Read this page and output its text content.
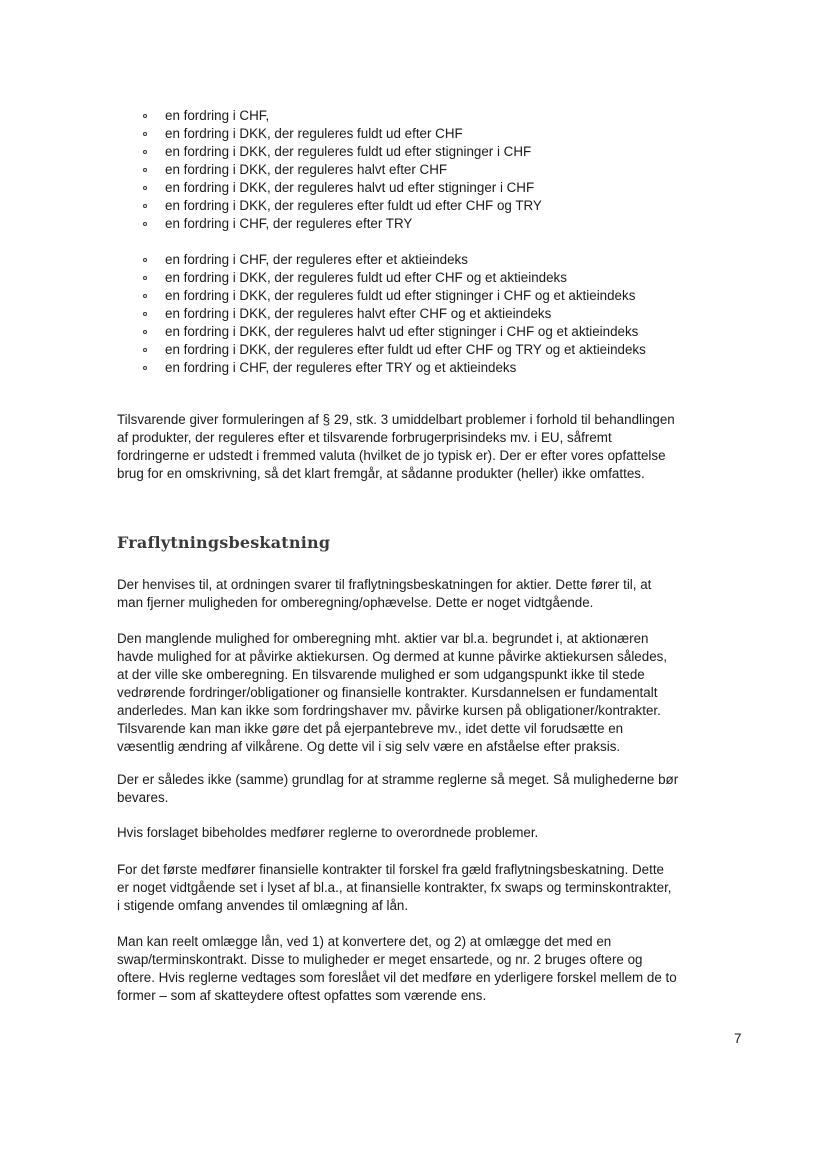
en fordring i CHF,
en fordring i DKK, der reguleres fuldt ud efter CHF
en fordring i DKK, der reguleres fuldt ud efter stigninger i CHF
en fordring i DKK, der reguleres halvt efter CHF
en fordring i DKK, der reguleres halvt ud efter stigninger i CHF
en fordring i DKK, der reguleres efter fuldt ud efter CHF og TRY
en fordring i CHF, der reguleres efter TRY
en fordring i CHF, der reguleres efter et aktieindeks
en fordring i DKK, der reguleres fuldt ud efter CHF og et aktieindeks
en fordring i DKK, der reguleres fuldt ud efter stigninger i CHF og et aktieindeks
en fordring i DKK, der reguleres halvt efter CHF og et aktieindeks
en fordring i DKK, der reguleres halvt ud efter stigninger i CHF og et aktieindeks
en fordring i DKK, der reguleres efter fuldt ud efter CHF og TRY og et aktieindeks
en fordring i CHF, der reguleres efter TRY og et aktieindeks

Tilsvarende giver formuleringen af § 29, stk. 3 umiddelbart problemer i forhold til behandlingen
af produkter, der reguleres efter et tilsvarende forbrugerprisindeks mv. i EU, såfremt
fordringerne er udstedt i fremmed valuta (hvilket de jo typisk er). Der er efter vores opfattelse
brug for en omskrivning, så det klart fremgår, at sådanne produkter (heller) ikke omfattes.

Fraflytningsbeskatning

Der henvises til, at ordningen svarer til fraflytningsbeskatningen for aktier. Dette fører til, at
man fjerner muligheden for omberegning/ophævelse. Dette er noget vidtgående.

Den manglende mulighed for omberegning mht. aktier var bl.a. begrundet i, at aktionæren
havde mulighed for at påvirke aktiekursen. Og dermed at kunne påvirke aktiekursen således,
at der ville ske omberegning. En tilsvarende mulighed er som udgangspunkt ikke til stede
vedrørende fordringer/obligationer og finansielle kontrakter. Kursdannelsen er fundamentalt
anderledes. Man kan ikke som fordringshaver mv. påvirke kursen på obligationer/kontrakter.
Tilsvarende kan man ikke gøre det på ejerpantebreve mv., idet dette vil forudsætte en
væsentlig ændring af vilkårene. Og dette vil i sig selv være en afståelse efter praksis.

Der er således ikke (samme) grundlag for at stramme reglerne så meget. Så mulighederne bør
bevares.

Hvis forslaget bibeholdes medfører reglerne to overordnede problemer.

For det første medfører finansielle kontrakter til forskel fra gæld fraflytningsbeskatning. Dette
er noget vidtgående set i lyset af bl.a., at finansielle kontrakter, fx swaps og terminskontrakter,
i stigende omfang anvendes til omlægning af lån.

Man kan reelt omlægge lån, ved 1) at konvertere det, og 2) at omlægge det med en
swap/terminskontrakt. Disse to muligheder er meget ensartede, og nr. 2 bruges oftere og
oftere. Hvis reglerne vedtages som foreslået vil det medføre en yderligere forskel mellem de to
former – som af skatteydere oftest opfattes som værende ens.

7
